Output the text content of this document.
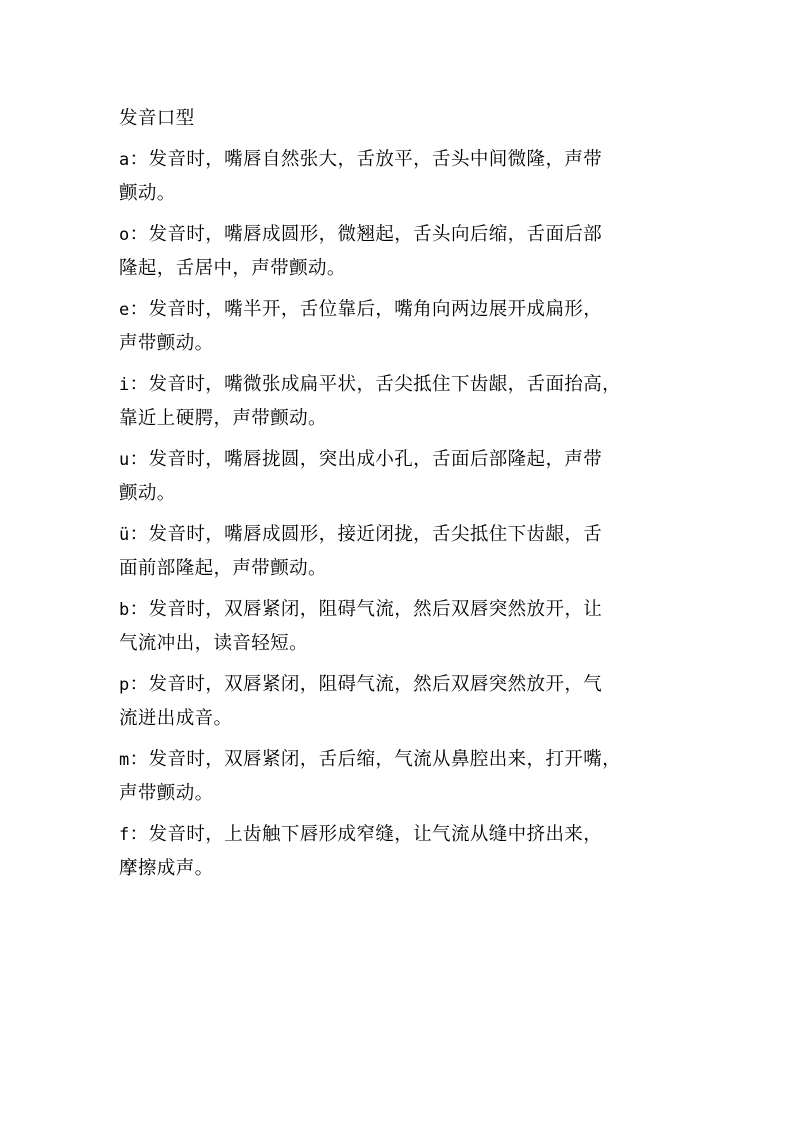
发音口型
a：发音时，嘴唇自然张大，舌放平，舌头中间微隆，声带
颤动。
o：发音时，嘴唇成圆形，微翘起，舌头向后缩，舌面后部
隆起，舌居中，声带颤动。
e：发音时，嘴半开，舌位靠后，嘴角向两边展开成扁形，
声带颤动。
i：发音时，嘴微张成扁平状，舌尖抵住下齿龈，舌面抬高，
靠近上硬腭，声带颤动。
u：发音时，嘴唇拢圆，突出成小孔，舌面后部隆起，声带
颤动。
ü：发音时，嘴唇成圆形，接近闭拢，舌尖抵住下齿龈，舌
面前部隆起，声带颤动。
b：发音时，双唇紧闭，阻碍气流，然后双唇突然放开，让
气流冲出，读音轻短。
p：发音时，双唇紧闭，阻碍气流，然后双唇突然放开，气
流迸出成音。
m：发音时，双唇紧闭，舌后缩，气流从鼻腔出来，打开嘴，
声带颤动。
f：发音时，上齿触下唇形成窄缝，让气流从缝中挤出来，
摩擦成声。
